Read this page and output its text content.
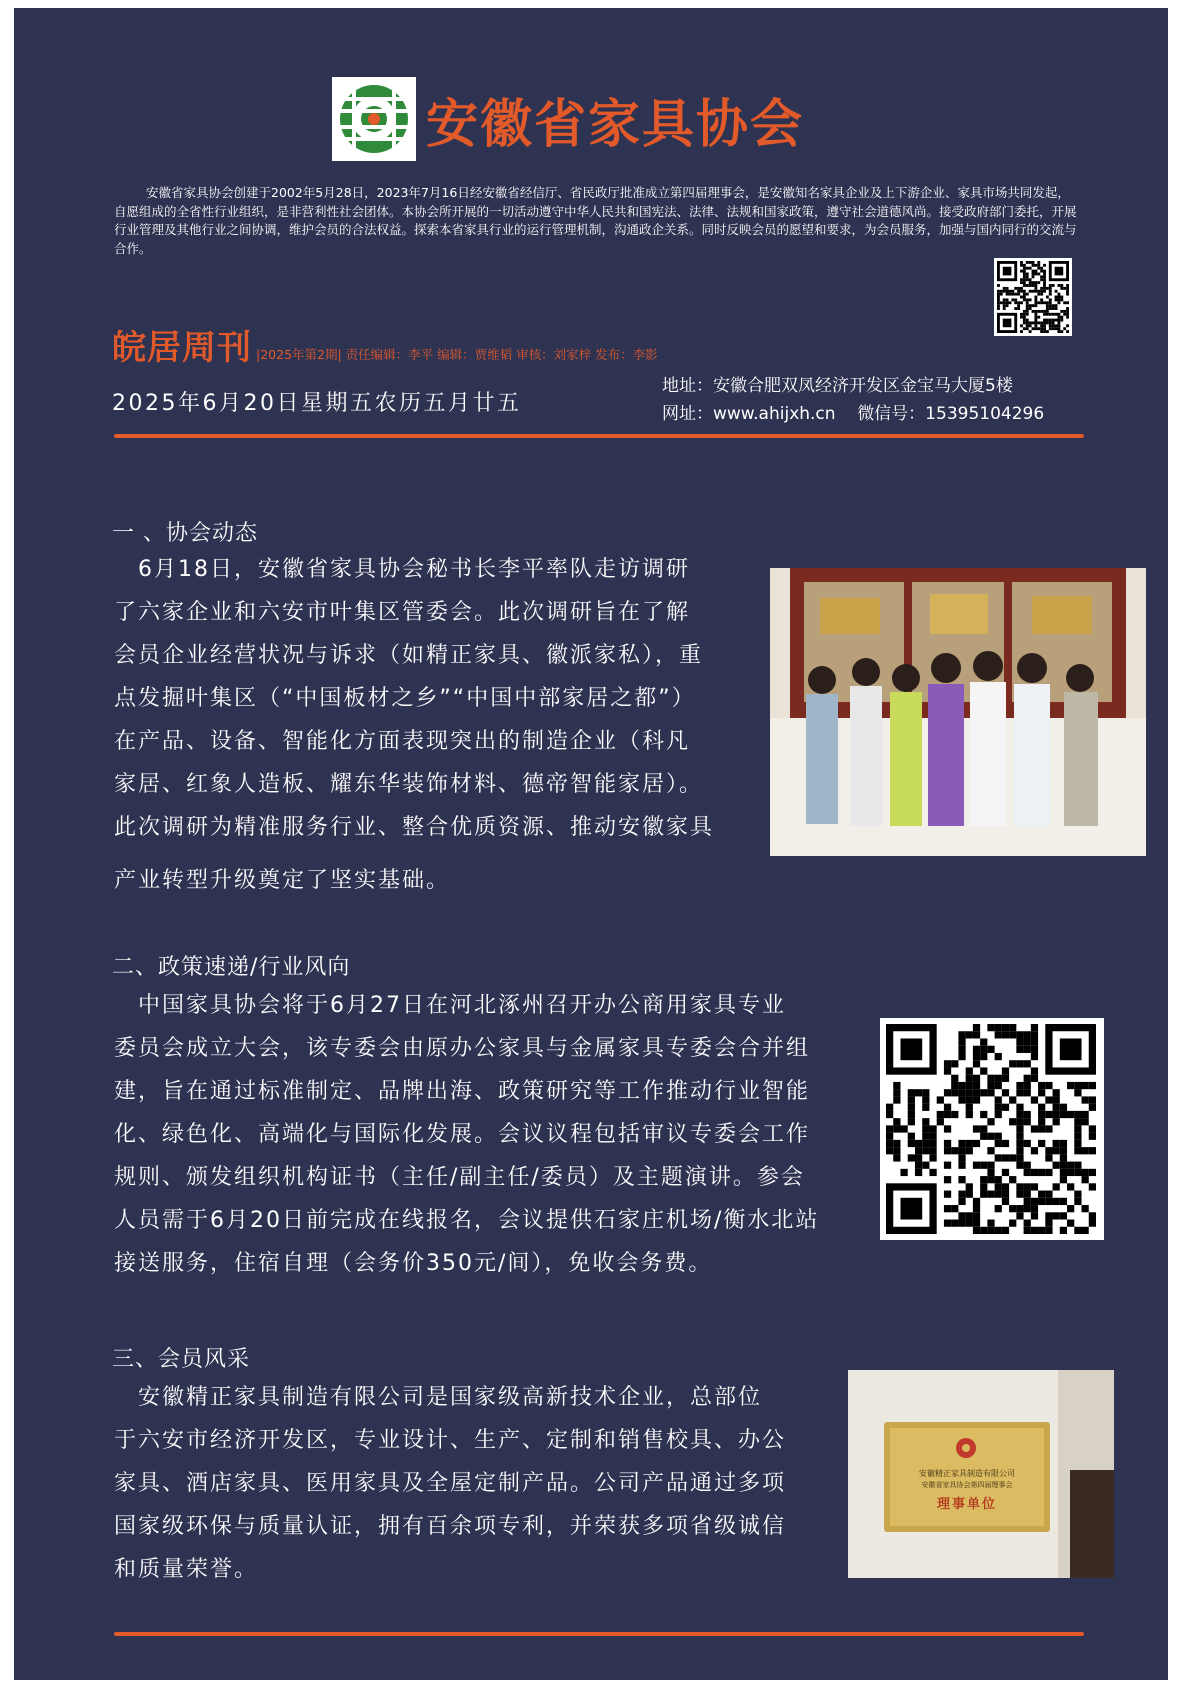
安徽省家具协会
安徽省家具协会创建于2002年5月28日，2023年7月16日经安徽省经信厅、省民政厅批准成立第四届理事会，是安徽知名家具企业及上下游企业、家具市场共同发起，自愿组成的全省性行业组织，是非营利性社会团体。本协会所开展的一切活动遵守中华人民共和国宪法、法律、法规和国家政策，遵守社会道德风尚。接受政府部门委托，开展行业管理及其他行业之间协调，维护会员的合法权益。探索本省家具行业的运行管理机制，沟通政企关系。同时反映会员的愿望和要求，为会员服务，加强与国内同行的交流与合作。
皖居周刊 |2025年第2期| 责任编辑：李平 编辑：贾维韬 审核：刘家梓 发布：李影
2025年6月20日星期五农历五月廿五
地址：安徽合肥双凤经济开发区金宝马大厦5楼
网址：www.ahijxh.cn 微信号：15395104296
一 、协会动态
　6月18日，安徽省家具协会秘书长李平率队走访调研
了六家企业和六安市叶集区管委会。此次调研旨在了解
会员企业经营状况与诉求（如精正家具、徽派家私），重
点发掘叶集区（“中国板材之乡”“中国中部家居之都”）
在产品、设备、智能化方面表现突出的制造企业（科凡
家居、红象人造板、耀东华装饰材料、德帝智能家居）。
此次调研为精准服务行业、整合优质资源、推动安徽家具
产业转型升级奠定了坚实基础。
二、政策速递/行业风向
　中国家具协会将于6月27日在河北涿州召开办公商用家具专业
委员会成立大会，该专委会由原办公家具与金属家具专委会合并组
建，旨在通过标准制定、品牌出海、政策研究等工作推动行业智能
化、绿色化、高端化与国际化发展。会议议程包括审议专委会工作
规则、颁发组织机构证书（主任/副主任/委员）及主题演讲。参会
人员需于6月20日前完成在线报名，会议提供石家庄机场/衡水北站
接送服务，住宿自理（会务价350元/间），免收会务费。
三、会员风采
　安徽精正家具制造有限公司是国家级高新技术企业，总部位
于六安市经济开发区，专业设计、生产、定制和销售校具、办公
家具、酒店家具、医用家具及全屋定制产品。公司产品通过多项
国家级环保与质量认证，拥有百余项专利，并荣获多项省级诚信
和质量荣誉。
安徽精正家具制造有限公司
安徽省家具协会第四届理事会
理事单位
